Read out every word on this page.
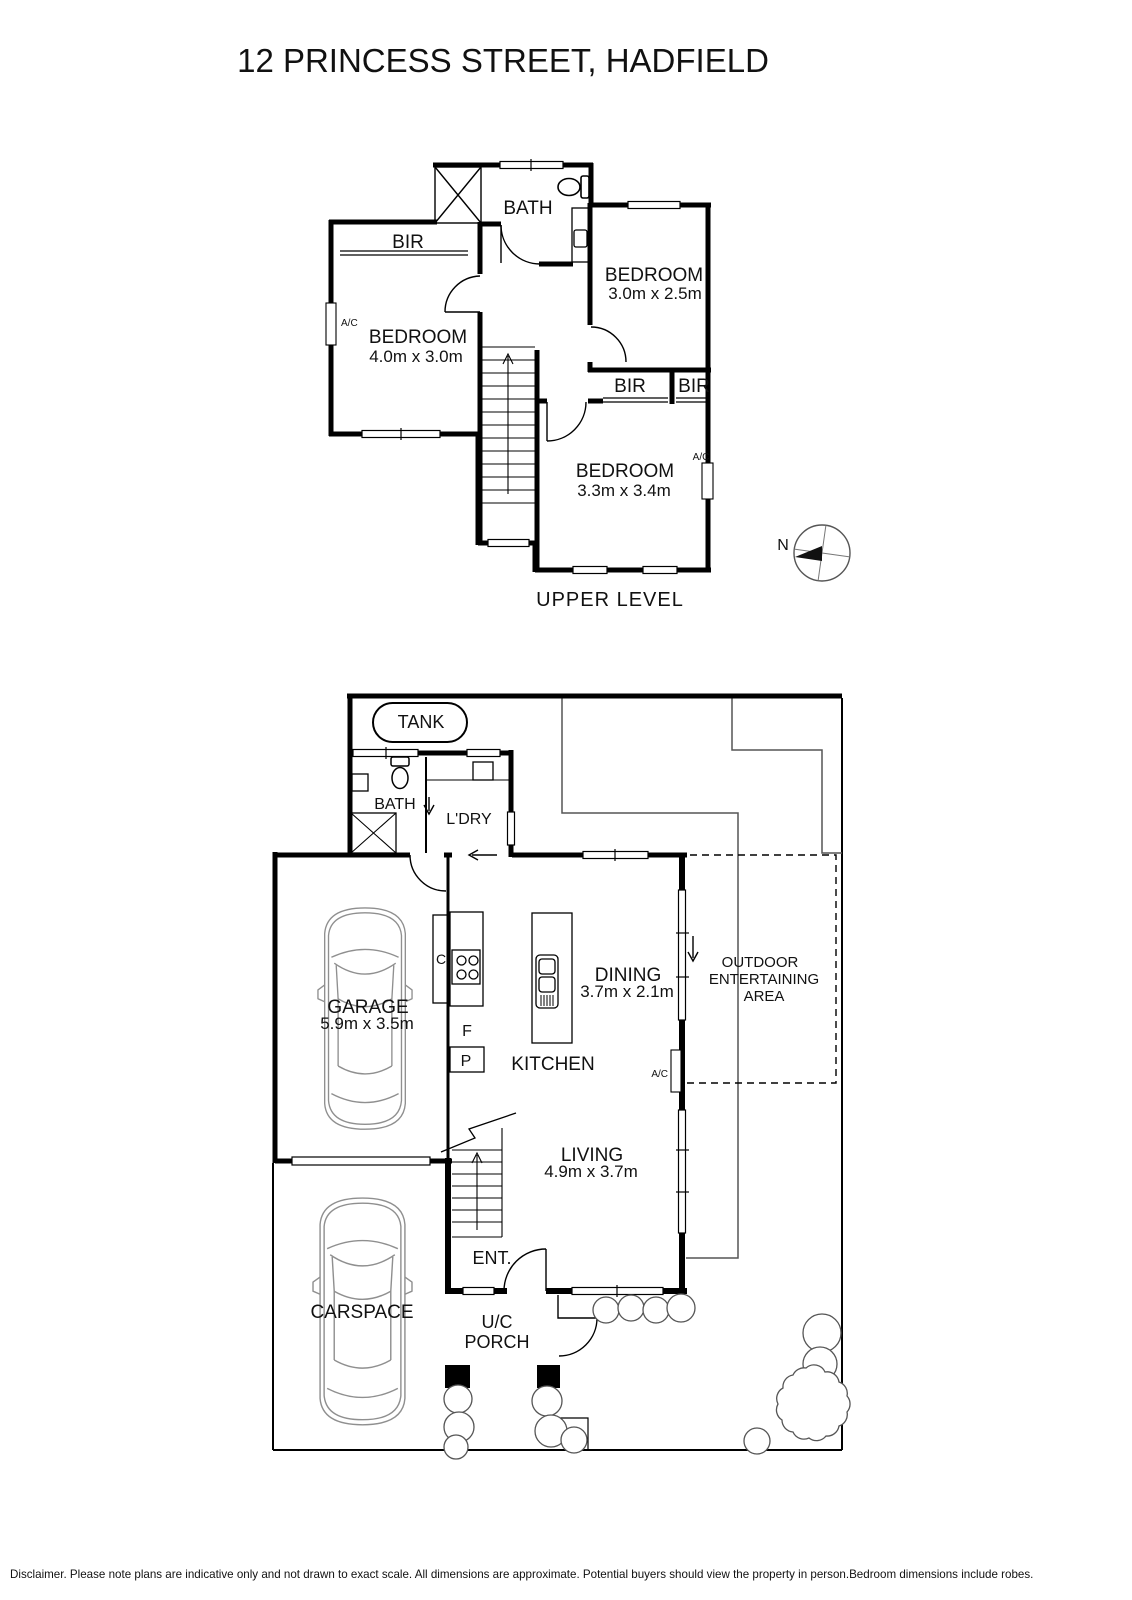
12 PRINCESS STREET, HADFIELD
BATH
BIR
BEDROOM
3.0m x 2.5m
BEDROOM
4.0m x 3.0m
A/C
BIR BIR
BEDROOM
3.3m x 3.4m
A/C
UPPER LEVEL
N
TANK
BATH
L'DRY
GARAGE
5.9m x 3.5m
C
F
P KITCHEN
DINING
3.7m x 2.1m
OUTDOOR
ENTERTAINING
AREA
A/C
LIVING
4.9m x 3.7m
ENT.
U/C
PORCH
CARSPACE
Disclaimer. Please note plans are indicative only and not drawn to exact scale. All dimensions are approximate. Potential buyers should view the property in person.Bedroom dimensions include robes.
